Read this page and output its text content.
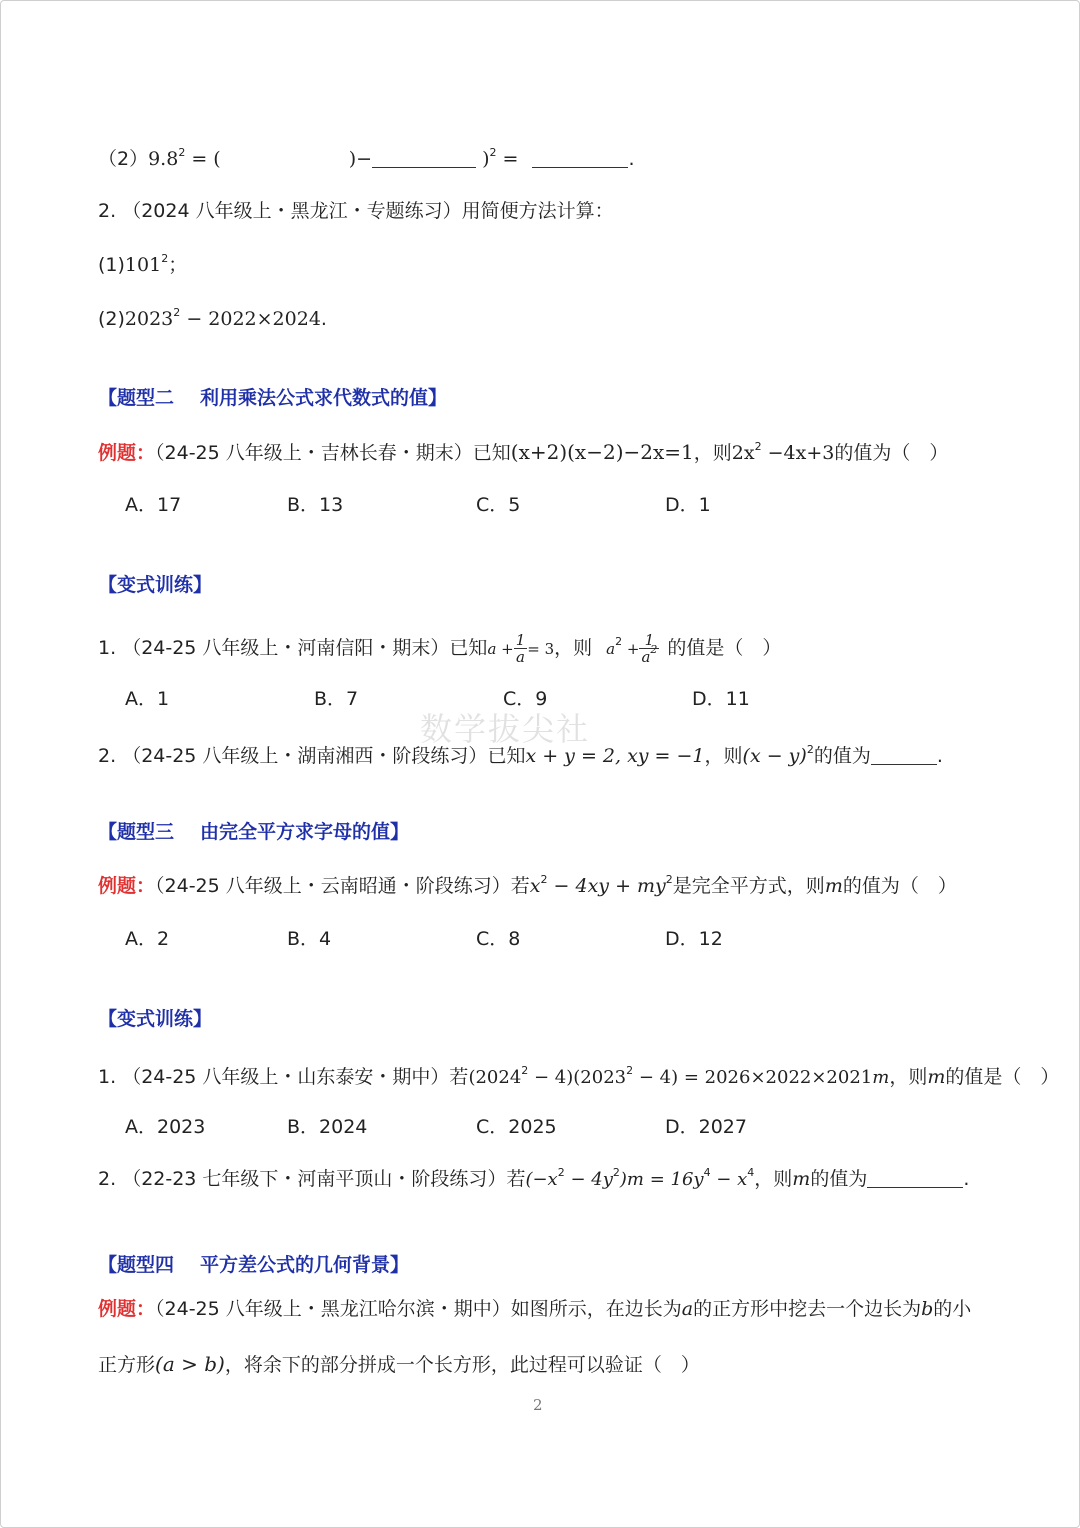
$(2)9.8^2$ = (	)−	)$^2$ =	.
2. （2024 八年级上・黑龙江・专题练习）用简便方法计算：
$(1)101^2$；
$(2)2023^2 - 2022\times 2024$.
【题型二 利用乘法公式求代数式的值】
例题：（24-25 八年级上・吉林长春・期末）已知(x+2)(x−2)−2x=1，则$2x^2 -4x+3$的值为（　）
A．17	B．13	C．5	D．1
【变式训练】
1. （24-25 八年级上・河南信阳・期末）已知$a + \frac{1}{a} = 3$，则 $a^2 + \frac{1}{a^2}$ 的值是（　）
A．1	B．7	C．9	D．11
数学拔尖社
2. （24-25 八年级上・湖南湘西・阶段练习）已知x + y = 2, xy = −1，则$(x - y)^2$的值为	.
【题型三 由完全平方求字母的值】
例题：（24-25 八年级上・云南昭通・阶段练习）若$x^2 - 4xy + my^2$是完全平方式，则m的值为（　）
A．2	B．4	C．8	D．12
【变式训练】
1. （24-25 八年级上・山东泰安・期中）若$(2024^2 - 4)(2023^2 - 4) = 2026\times 2022\times 2021m$，则m的值是（　）
A．2023	B．2024	C．2025	D．2027
2. （22-23 七年级下・河南平顶山・阶段练习）若$(-x^2 - 4y^2)m = 16y^4 - x^4$，则m的值为	.
【题型四 平方差公式的几何背景】
例题：（24-25 八年级上・黑龙江哈尔滨・期中）如图所示，在边长为a的正方形中挖去一个边长为b的小
正方形(a > b)，将余下的部分拼成一个长方形，此过程可以验证（　）
2
